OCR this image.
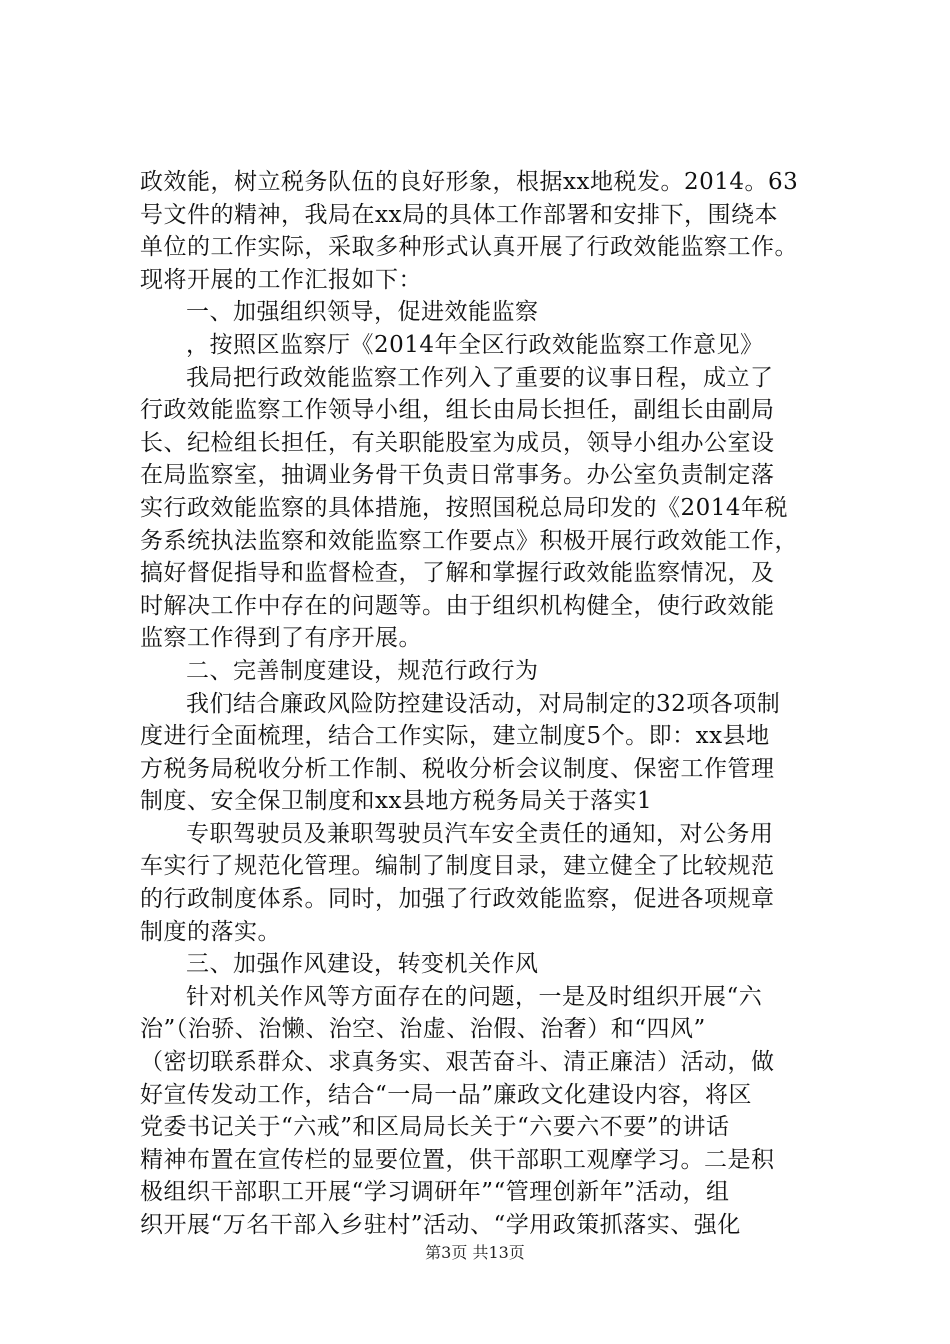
政效能，树立税务队伍的良好形象，根据xx地税发。2014。63
号文件的精神，我局在xx局的具体工作部署和安排下，围绕本
单位的工作实际，采取多种形式认真开展了行政效能监察工作。
现将开展的工作汇报如下：
一、加强组织领导，促进效能监察
，按照区监察厅《2014年全区行政效能监察工作意见》
我局把行政效能监察工作列入了重要的议事日程，成立了
行政效能监察工作领导小组，组长由局长担任，副组长由副局
长、纪检组长担任，有关职能股室为成员，领导小组办公室设
在局监察室，抽调业务骨干负责日常事务。办公室负责制定落
实行政效能监察的具体措施，按照国税总局印发的《2014年税
务系统执法监察和效能监察工作要点》积极开展行政效能工作，
搞好督促指导和监督检查，了解和掌握行政效能监察情况，及
时解决工作中存在的问题等。由于组织机构健全，使行政效能
监察工作得到了有序开展。
二、完善制度建设，规范行政行为
我们结合廉政风险防控建设活动，对局制定的32项各项制
度进行全面梳理，结合工作实际，建立制度5个。即：xx县地
方税务局税收分析工作制、税收分析会议制度、保密工作管理
制度、安全保卫制度和xx县地方税务局关于落实1
专职驾驶员及兼职驾驶员汽车安全责任的通知，对公务用
车实行了规范化管理。编制了制度目录，建立健全了比较规范
的行政制度体系。同时，加强了行政效能监察，促进各项规章
制度的落实。
三、加强作风建设，转变机关作风
针对机关作风等方面存在的问题，一是及时组织开展“六
治”（治骄、治懒、治空、治虚、治假、治奢）和“四风”
（密切联系群众、求真务实、艰苦奋斗、清正廉洁）活动，做
好宣传发动工作，结合“一局一品”廉政文化建设内容，将区
党委书记关于“六戒”和区局局长关于“六要六不要”的讲话
精神布置在宣传栏的显要位置，供干部职工观摩学习。二是积
极组织干部职工开展“学习调研年”“管理创新年”活动，组
织开展“万名干部入乡驻村”活动、“学用政策抓落实、强化
第3页 共13页
